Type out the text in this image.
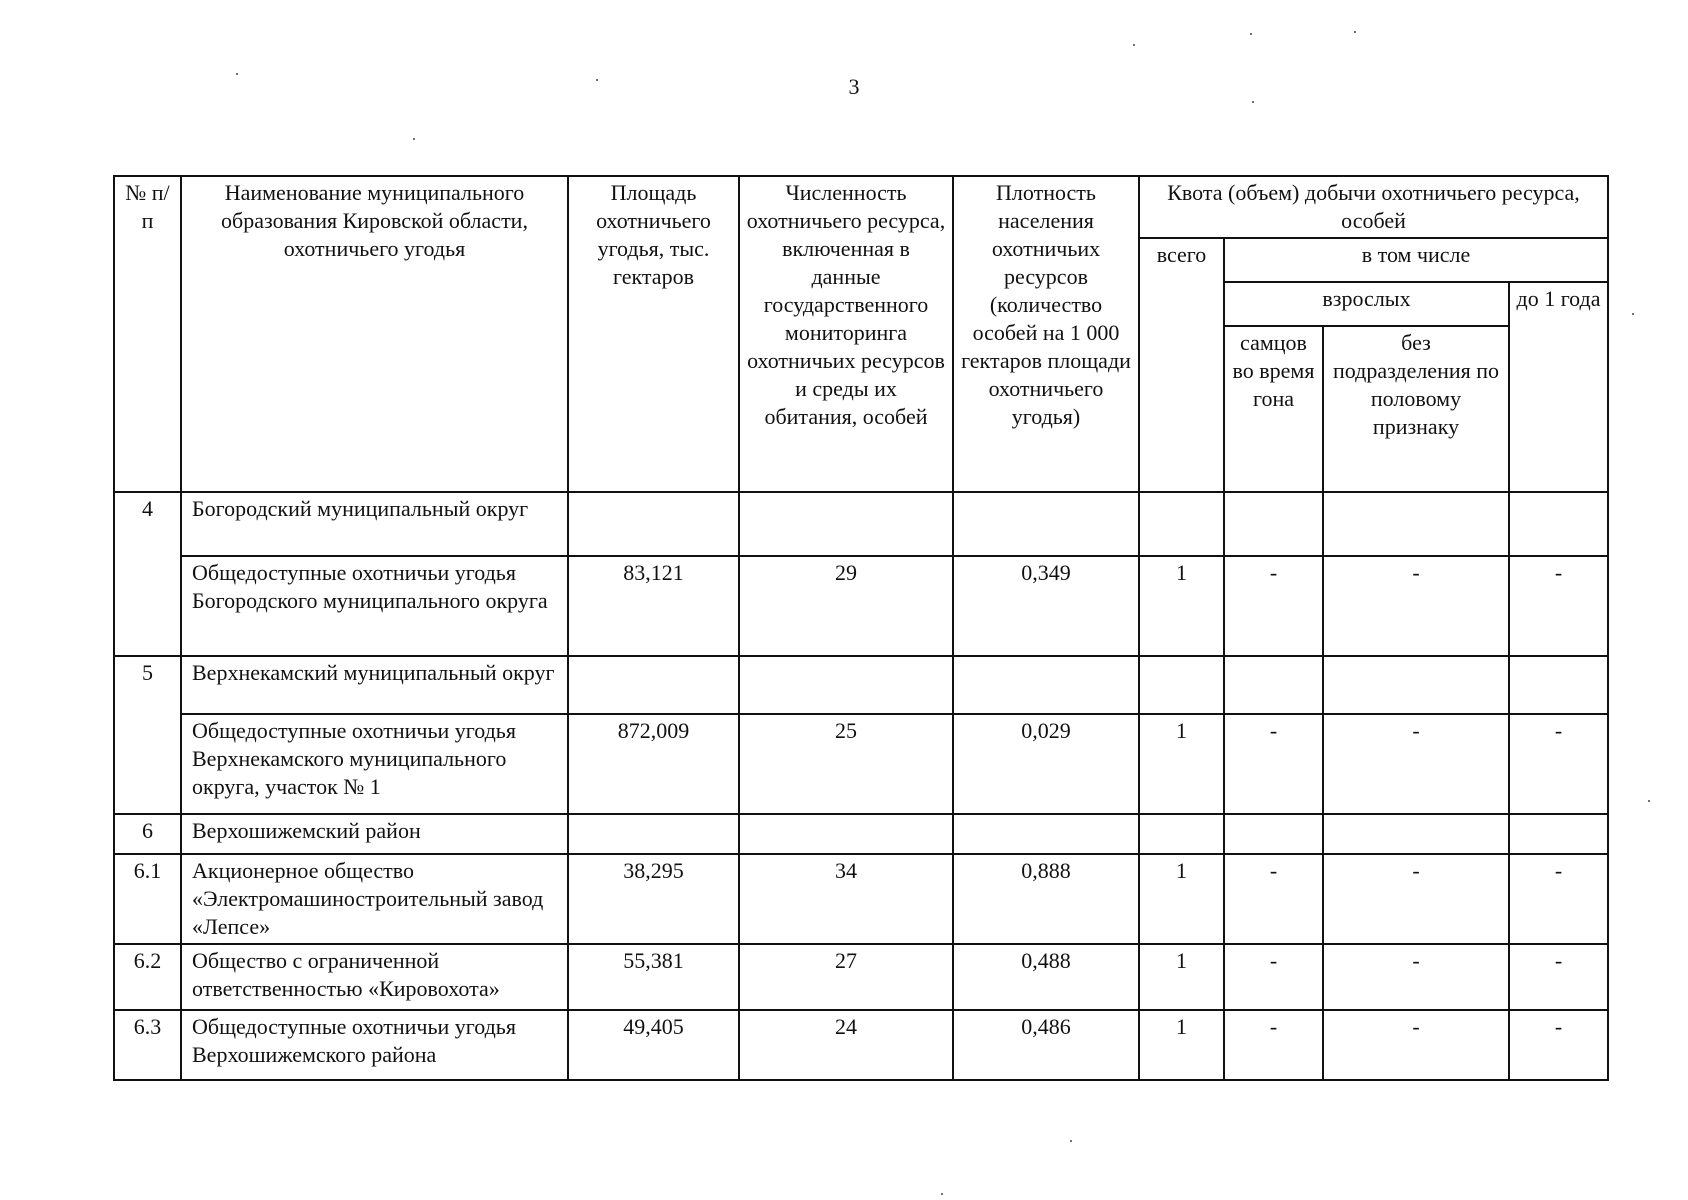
3
№ п/п	Наименование муниципального образования Кировской области, охотничьего угодья	Площадь охотничьего угодья, тыс. гектаров	Численность охотничьего ресурса, включенная в данные государственного мониторинга охотничьих ресурсов и среды их обитания, особей	Плотность населения охотничьих ресурсов (количество особей на 1 000 гектаров площади охотничьего угодья)	Квота (объем) добычи охотничьего ресурса, особей			
					всего	в том числе		
						взрослых		до 1 года
						самцов во время гона	без подразделения по половому признаку	
4	Богородский муниципальный округ							
	Общедоступные охотничьи угодья Богородского муниципального округа	83,121	29	0,349	1	-	-	-
5	Верхнекамский муниципальный округ							
	Общедоступные охотничьи угодья Верхнекамского муниципального округа, участок № 1	872,009	25	0,029	1	-	-	-
6	Верхошижемский район							
6.1	Акционерное общество «Электромашиностроительный завод «Лепсе»	38,295	34	0,888	1	-	-	-
6.2	Общество с ограниченной ответственностью «Кировохота»	55,381	27	0,488	1	-	-	-
6.3	Общедоступные охотничьи угодья Верхошижемского района	49,405	24	0,486	1	-	-	-
